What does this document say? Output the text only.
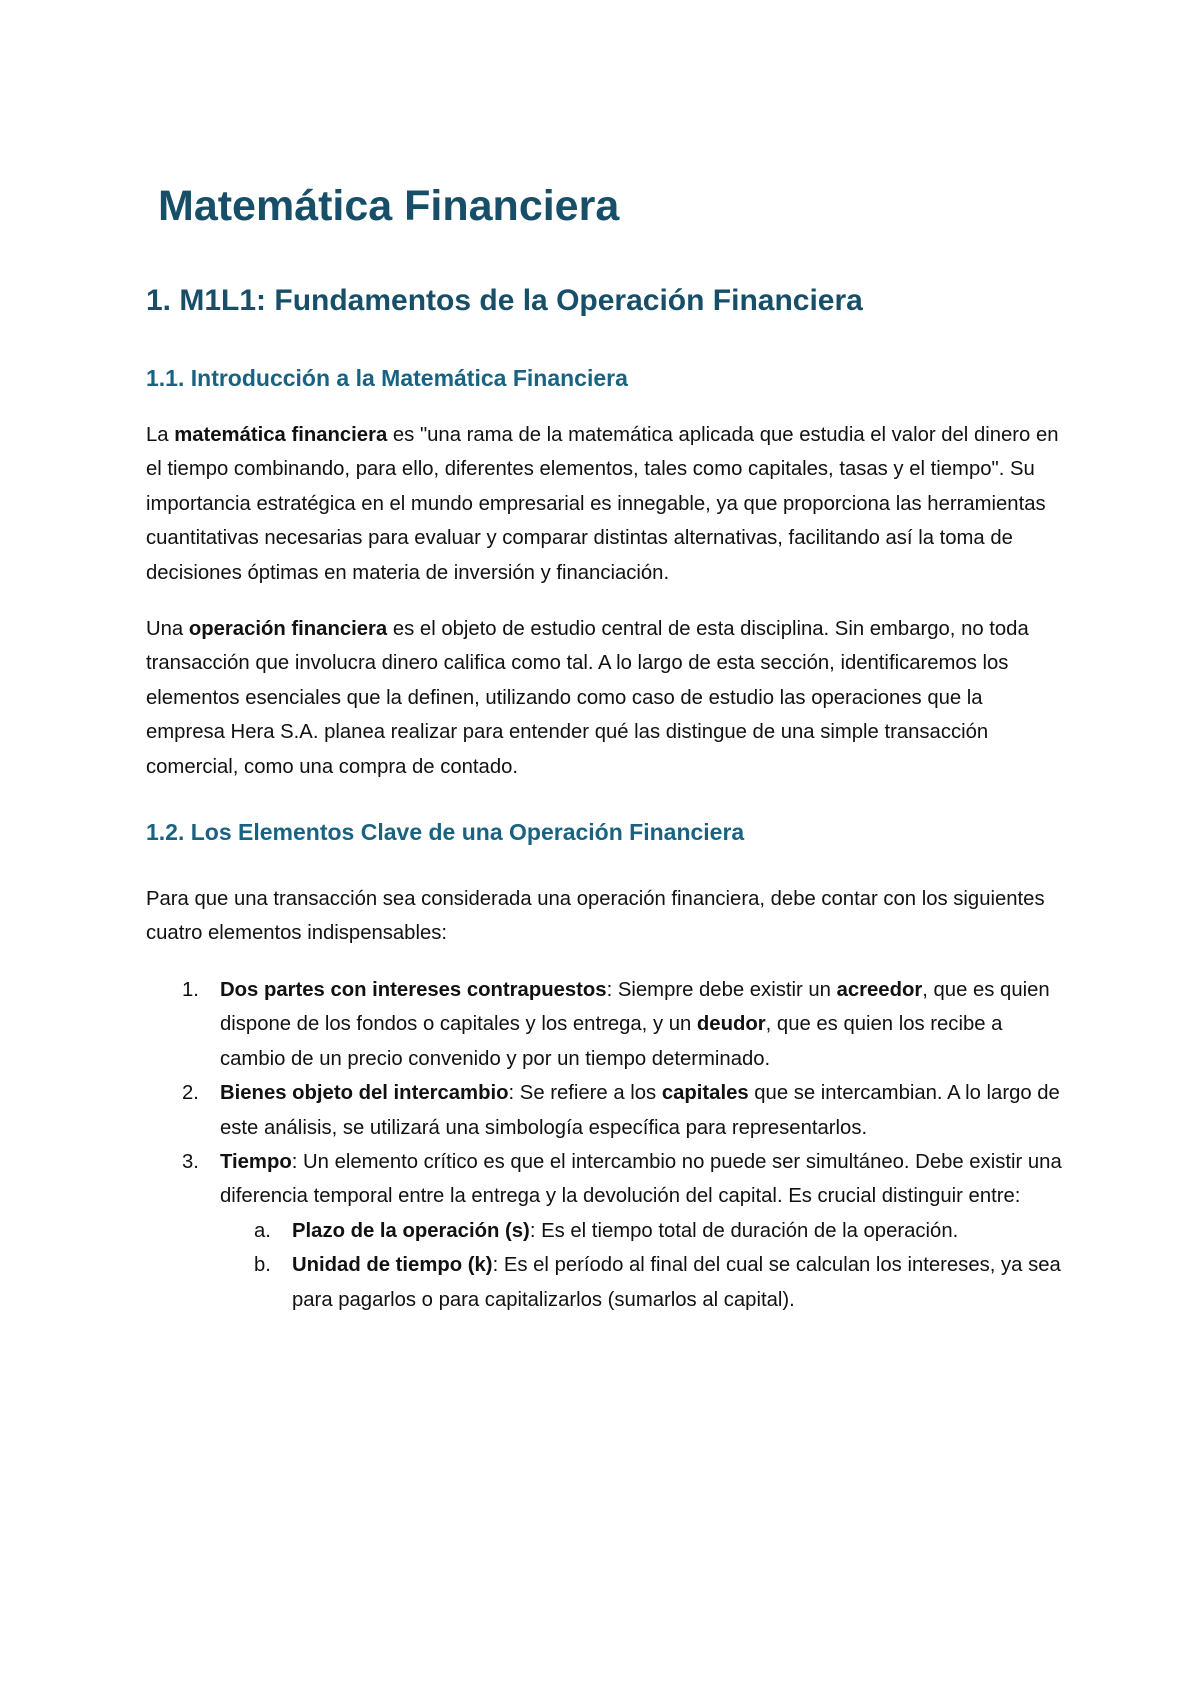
Matemática Financiera
1. M1L1: Fundamentos de la Operación Financiera
1.1. Introducción a la Matemática Financiera

La matemática financiera es "una rama de la matemática aplicada que estudia el valor del dinero en el tiempo combinando, para ello, diferentes elementos, tales como capitales, tasas y el tiempo". Su importancia estratégica en el mundo empresarial es innegable, ya que proporciona las herramientas cuantitativas necesarias para evaluar y comparar distintas alternativas, facilitando así la toma de decisiones óptimas en materia de inversión y financiación.

Una operación financiera es el objeto de estudio central de esta disciplina. Sin embargo, no toda transacción que involucra dinero califica como tal. A lo largo de esta sección, identificaremos los elementos esenciales que la definen, utilizando como caso de estudio las operaciones que la empresa Hera S.A. planea realizar para entender qué las distingue de una simple transacción comercial, como una compra de contado.

1.2. Los Elementos Clave de una Operación Financiera

Para que una transacción sea considerada una operación financiera, debe contar con los siguientes cuatro elementos indispensables:

Dos partes con intereses contrapuestos: Siempre debe existir un acreedor, que es quien dispone de los fondos o capitales y los entrega, y un deudor, que es quien los recibe a cambio de un precio convenido y por un tiempo determinado.
Bienes objeto del intercambio: Se refiere a los capitales que se intercambian. A lo largo de este análisis, se utilizará una simbología específica para representarlos.
Tiempo: Un elemento crítico es que el intercambio no puede ser simultáneo. Debe existir una diferencia temporal entre la entrega y la devolución del capital. Es crucial distinguir entre:
Plazo de la operación (s): Es el tiempo total de duración de la operación.
Unidad de tiempo (k): Es el período al final del cual se calculan los intereses, ya sea para pagarlos o para capitalizarlos (sumarlos al capital).
